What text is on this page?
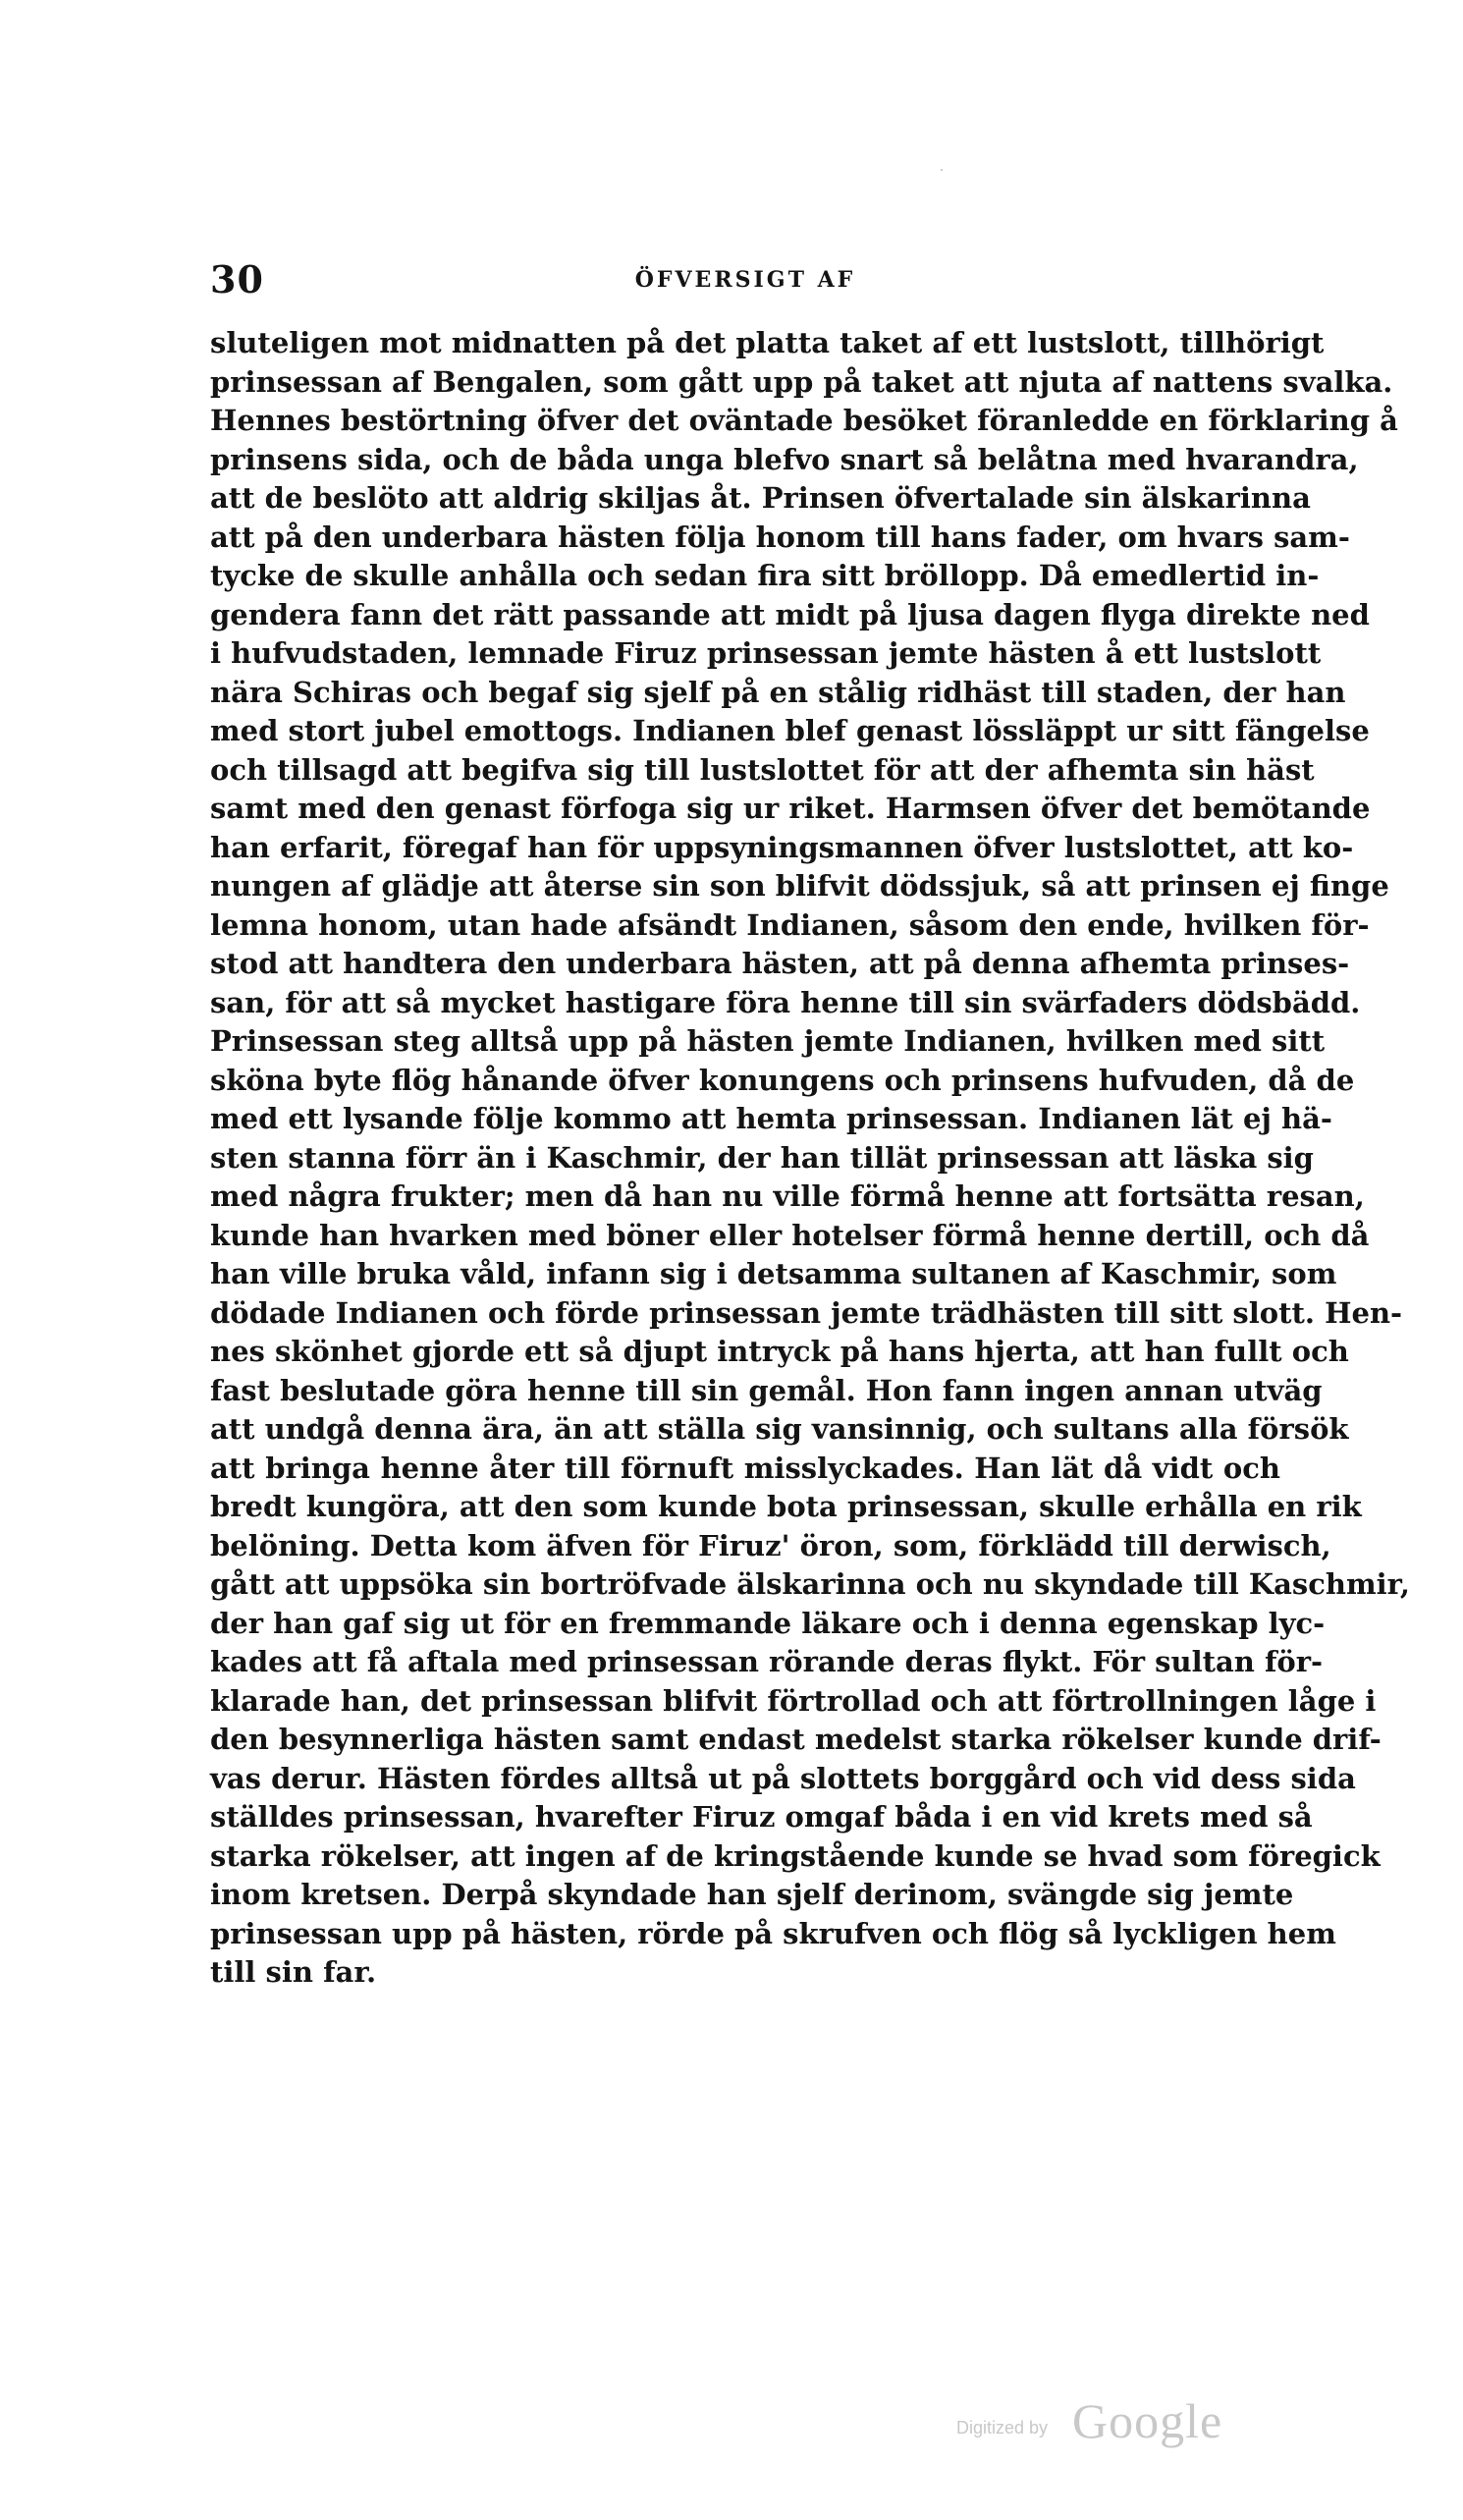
30	ÖFVERSIGT AF

sluteligen mot midnatten på det platta taket af ett lustslott, tillhörigt
prinsessan af Bengalen, som gått upp på taket att njuta af nattens svalka.
Hennes bestörtning öfver det oväntade besöket föranledde en förklaring å
prinsens sida, och de båda unga blefvo snart så belåtna med hvarandra,
att de beslöto att aldrig skiljas åt. Prinsen öfvertalade sin älskarinna
att på den underbara hästen följa honom till hans fader, om hvars sam-
tycke de skulle anhålla och sedan fira sitt bröllopp. Då emedlertid in-
gendera fann det rätt passande att midt på ljusa dagen flyga direkte ned
i hufvudstaden, lemnade Firuz prinsessan jemte hästen å ett lustslott
nära Schiras och begaf sig sjelf på en stålig ridhäst till staden, der han
med stort jubel emottogs. Indianen blef genast lössläppt ur sitt fängelse
och tillsagd att begifva sig till lustslottet för att der afhemta sin häst
samt med den genast förfoga sig ur riket. Harmsen öfver det bemötande
han erfarit, föregaf han för uppsyningsmannen öfver lustslottet, att ko-
nungen af glädje att återse sin son blifvit dödssjuk, så att prinsen ej finge
lemna honom, utan hade afsändt Indianen, såsom den ende, hvilken för-
stod att handtera den underbara hästen, att på denna afhemta prinses-
san, för att så mycket hastigare föra henne till sin svärfaders dödsbädd.
Prinsessan steg alltså upp på hästen jemte Indianen, hvilken med sitt
sköna byte flög hånande öfver konungens och prinsens hufvuden, då de
med ett lysande följe kommo att hemta prinsessan. Indianen lät ej hä-
sten stanna förr än i Kaschmir, der han tillät prinsessan att läska sig
med några frukter; men då han nu ville förmå henne att fortsätta resan,
kunde han hvarken med böner eller hotelser förmå henne dertill, och då
han ville bruka våld, infann sig i detsamma sultanen af Kaschmir, som
dödade Indianen och förde prinsessan jemte trädhästen till sitt slott. Hen-
nes skönhet gjorde ett så djupt intryck på hans hjerta, att han fullt och
fast beslutade göra henne till sin gemål. Hon fann ingen annan utväg
att undgå denna ära, än att ställa sig vansinnig, och sultans alla försök
att bringa henne åter till förnuft misslyckades. Han lät då vidt och
bredt kungöra, att den som kunde bota prinsessan, skulle erhålla en rik
belöning. Detta kom äfven för Firuz' öron, som, förklädd till derwisch,
gått att uppsöka sin bortröfvade älskarinna och nu skyndade till Kaschmir,
der han gaf sig ut för en fremmande läkare och i denna egenskap lyc-
kades att få aftala med prinsessan rörande deras flykt. För sultan för-
klarade han, det prinsessan blifvit förtrollad och att förtrollningen låge i
den besynnerliga hästen samt endast medelst starka rökelser kunde drif-
vas derur. Hästen fördes alltså ut på slottets borggård och vid dess sida
ställdes prinsessan, hvarefter Firuz omgaf båda i en vid krets med så
starka rökelser, att ingen af de kringstående kunde se hvad som föregick
inom kretsen. Derpå skyndade han sjelf derinom, svängde sig jemte
prinsessan upp på hästen, rörde på skrufven och flög så lyckligen hem
till sin far.

Digitized by Google
